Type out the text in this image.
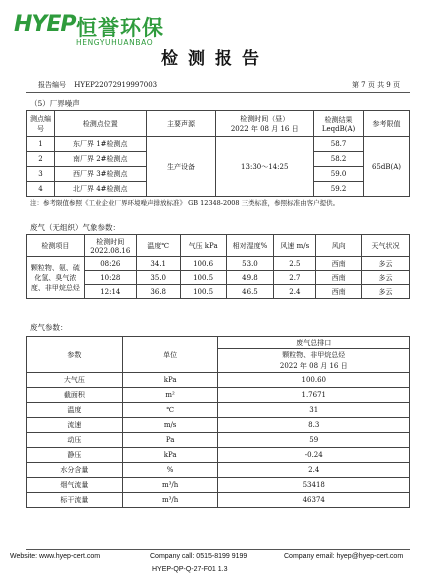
HYEP 恒誉环保
HENGYUHUANBAO
检测报告
报告编号 HYEP22072919997003	第 7 页 共 9 页
（5）厂界噪声
测点编号	检测点位置	主要声源	检测时间（昼）
2022 年 08 月 16 日	检测结果 LeqdB(A)	参考限值
1	东厂界 1#检测点	生产设备	13:30～14:25	58.7	65dB(A)
2	南厂界 2#检测点			58.2	
3	西厂界 3#检测点			59.0	
4	北厂界 4#检测点			59.2	
注：参考限值参照《工业企业厂界环境噪声排放标准》 GB 12348-2008 三类标准，参照标准由客户提供。
废气（无组织）气象参数：
检测项目	检测时间 2022.08.16	温度℃	气压 kPa	相对湿度%	风速 m/s	风向	天气状况
颗粒物、氨、硫化氢、臭气浓度、非甲烷总烃	08:26	34.1	100.6	53.0	2.5	西南	多云
	10:28	35.0	100.5	49.8	2.7	西南	多云
	12:14	36.8	100.5	46.5	2.4	西南	多云
废气参数：
参数	单位	废气总排口
		颗粒物、非甲烷总烃
		2022 年 08 月 16 日
大气压	kPa	100.60
截面积	m²	1.7671
温度	℃	31
流速	m/s	8.3
动压	Pa	59
静压	kPa	-0.24
水分含量	%	2.4
烟气流量	m³/h	53418
标干流量	m³/h	46374
Website: www.hyep-cert.com	Company call: 0515-8199 9199	Company email: hyep@hyep-cert.com
HYEP-QP-Q-27-F01 1.3
